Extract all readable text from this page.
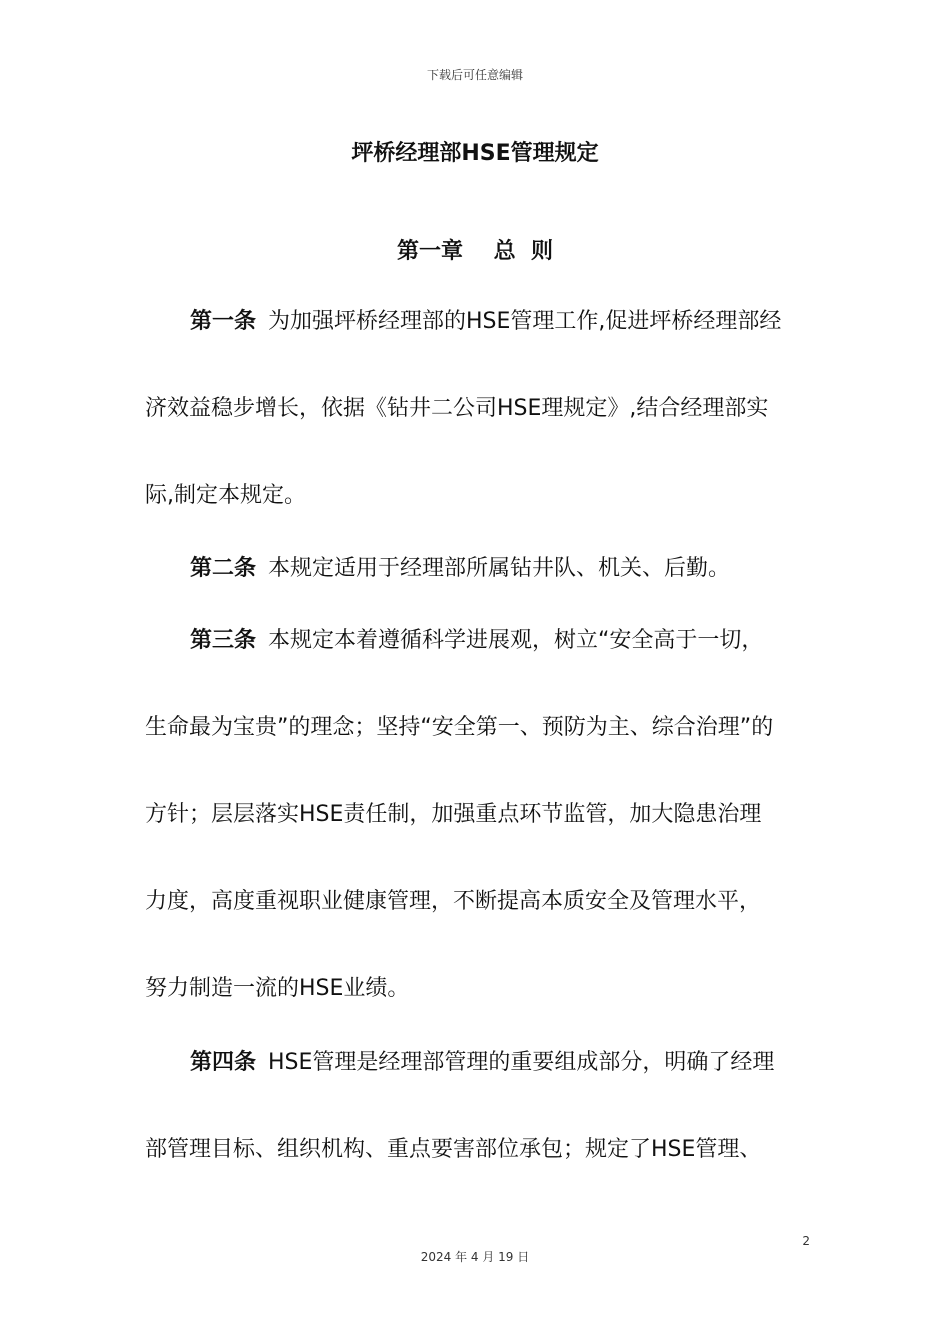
下载后可任意编辑
坪桥经理部HSE管理规定
第一章    总  则
第一条 为加强坪桥经理部的HSE管理工作,促进坪桥经理部经
济效益稳步增长，依据《钻井二公司HSE理规定》,结合经理部实
际,制定本规定。
第二条 本规定适用于经理部所属钻井队、机关、后勤。
第三条 本规定本着遵循科学进展观，树立“安全高于一切，
生命最为宝贵”的理念；坚持“安全第一、预防为主、综合治理”的
方针；层层落实HSE责任制，加强重点环节监管，加大隐患治理
力度，高度重视职业健康管理，不断提高本质安全及管理水平，
努力制造一流的HSE业绩。
第四条 HSE管理是经理部管理的重要组成部分，明确了经理
部管理目标、组织机构、重点要害部位承包；规定了HSE管理、
2
2024 年 4 月 19 日
